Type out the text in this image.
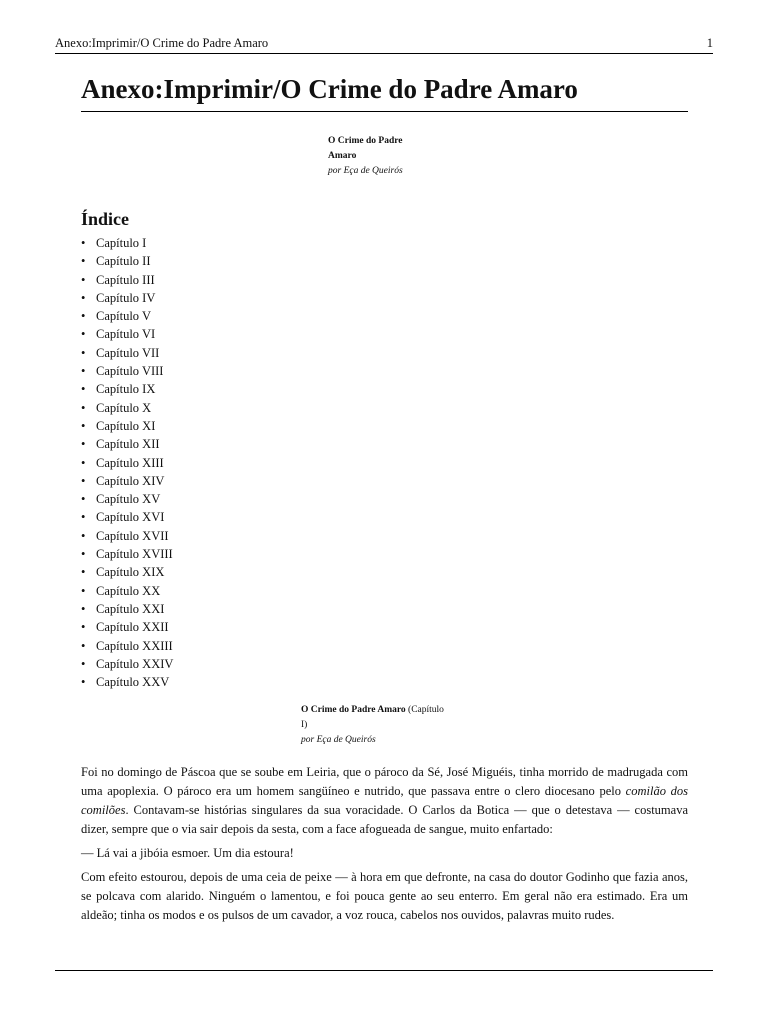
Anexo:Imprimir/O Crime do Padre Amaro	1
Anexo:Imprimir/O Crime do Padre Amaro
O Crime do Padre
Amaro
por Eça de Queirós
Índice
• Capítulo I
• Capítulo II
• Capítulo III
• Capítulo IV
• Capítulo V
• Capítulo VI
• Capítulo VII
• Capítulo VIII
• Capítulo IX
• Capítulo X
• Capítulo XI
• Capítulo XII
• Capítulo XIII
• Capítulo XIV
• Capítulo XV
• Capítulo XVI
• Capítulo XVII
• Capítulo XVIII
• Capítulo XIX
• Capítulo XX
• Capítulo XXI
• Capítulo XXII
• Capítulo XXIII
• Capítulo XXIV
• Capítulo XXV
O Crime do Padre Amaro (Capítulo
I)
por Eça de Queirós

Foi no domingo de Páscoa que se soube em Leiria, que o pároco da Sé, José Miguéis, tinha morrido de madrugada com uma apoplexia. O pároco era um homem sangüíneo e nutrido, que passava entre o clero diocesano pelo comilão dos comilões. Contavam-se histórias singulares da sua voracidade. O Carlos da Botica — que o detestava — costumava dizer, sempre que o via sair depois da sesta, com a face afogueada de sangue, muito enfartado:

— Lá vai a jibóia esmoer. Um dia estoura!

Com efeito estourou, depois de uma ceia de peixe — à hora em que defronte, na casa do doutor Godinho que fazia anos, se polcava com alarido. Ninguém o lamentou, e foi pouca gente ao seu enterro. Em geral não era estimado. Era um aldeão; tinha os modos e os pulsos de um cavador, a voz rouca, cabelos nos ouvidos, palavras muito rudes.
